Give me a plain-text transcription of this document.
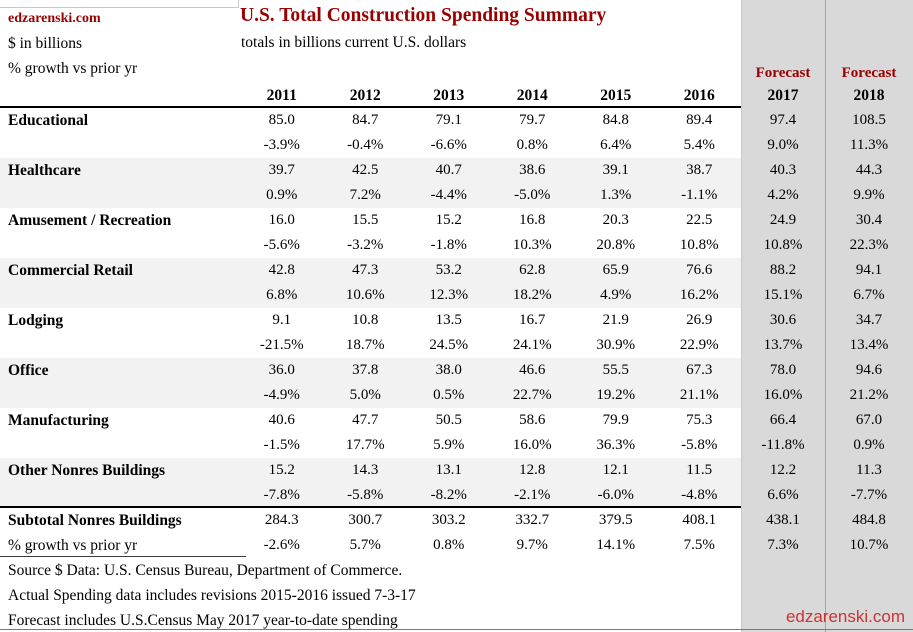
edzarenski.com
$ in billions
% growth vs prior yr
U.S. Total Construction Spending Summary
totals in billions current U.S. dollars
Forecast	Forecast
2011	2012	2013	2014	2015	2016	2017	2018
Educational	85.0	84.7	79.1	79.7	84.8	89.4	97.4	108.5
-3.9%	-0.4%	-6.6%	0.8%	6.4%	5.4%	9.0%	11.3%
Healthcare	39.7	42.5	40.7	38.6	39.1	38.7	40.3	44.3
0.9%	7.2%	-4.4%	-5.0%	1.3%	-1.1%	4.2%	9.9%
Amusement / Recreation	16.0	15.5	15.2	16.8	20.3	22.5	24.9	30.4
-5.6%	-3.2%	-1.8%	10.3%	20.8%	10.8%	10.8%	22.3%
Commercial Retail	42.8	47.3	53.2	62.8	65.9	76.6	88.2	94.1
6.8%	10.6%	12.3%	18.2%	4.9%	16.2%	15.1%	6.7%
Lodging	9.1	10.8	13.5	16.7	21.9	26.9	30.6	34.7
-21.5%	18.7%	24.5%	24.1%	30.9%	22.9%	13.7%	13.4%
Office	36.0	37.8	38.0	46.6	55.5	67.3	78.0	94.6
-4.9%	5.0%	0.5%	22.7%	19.2%	21.1%	16.0%	21.2%
Manufacturing	40.6	47.7	50.5	58.6	79.9	75.3	66.4	67.0
-1.5%	17.7%	5.9%	16.0%	36.3%	-5.8%	-11.8%	0.9%
Other Nonres Buildings	15.2	14.3	13.1	12.8	12.1	11.5	12.2	11.3
-7.8%	-5.8%	-8.2%	-2.1%	-6.0%	-4.8%	6.6%	-7.7%
Subtotal Nonres Buildings	284.3	300.7	303.2	332.7	379.5	408.1	438.1	484.8
% growth vs prior yr	-2.6%	5.7%	0.8%	9.7%	14.1%	7.5%	7.3%	10.7%
Source $ Data: U.S. Census Bureau, Department of Commerce.
Actual Spending data includes revisions 2015-2016 issued 7-3-17
Forecast includes U.S.Census May 2017 year-to-date spending	edzarenski.com
